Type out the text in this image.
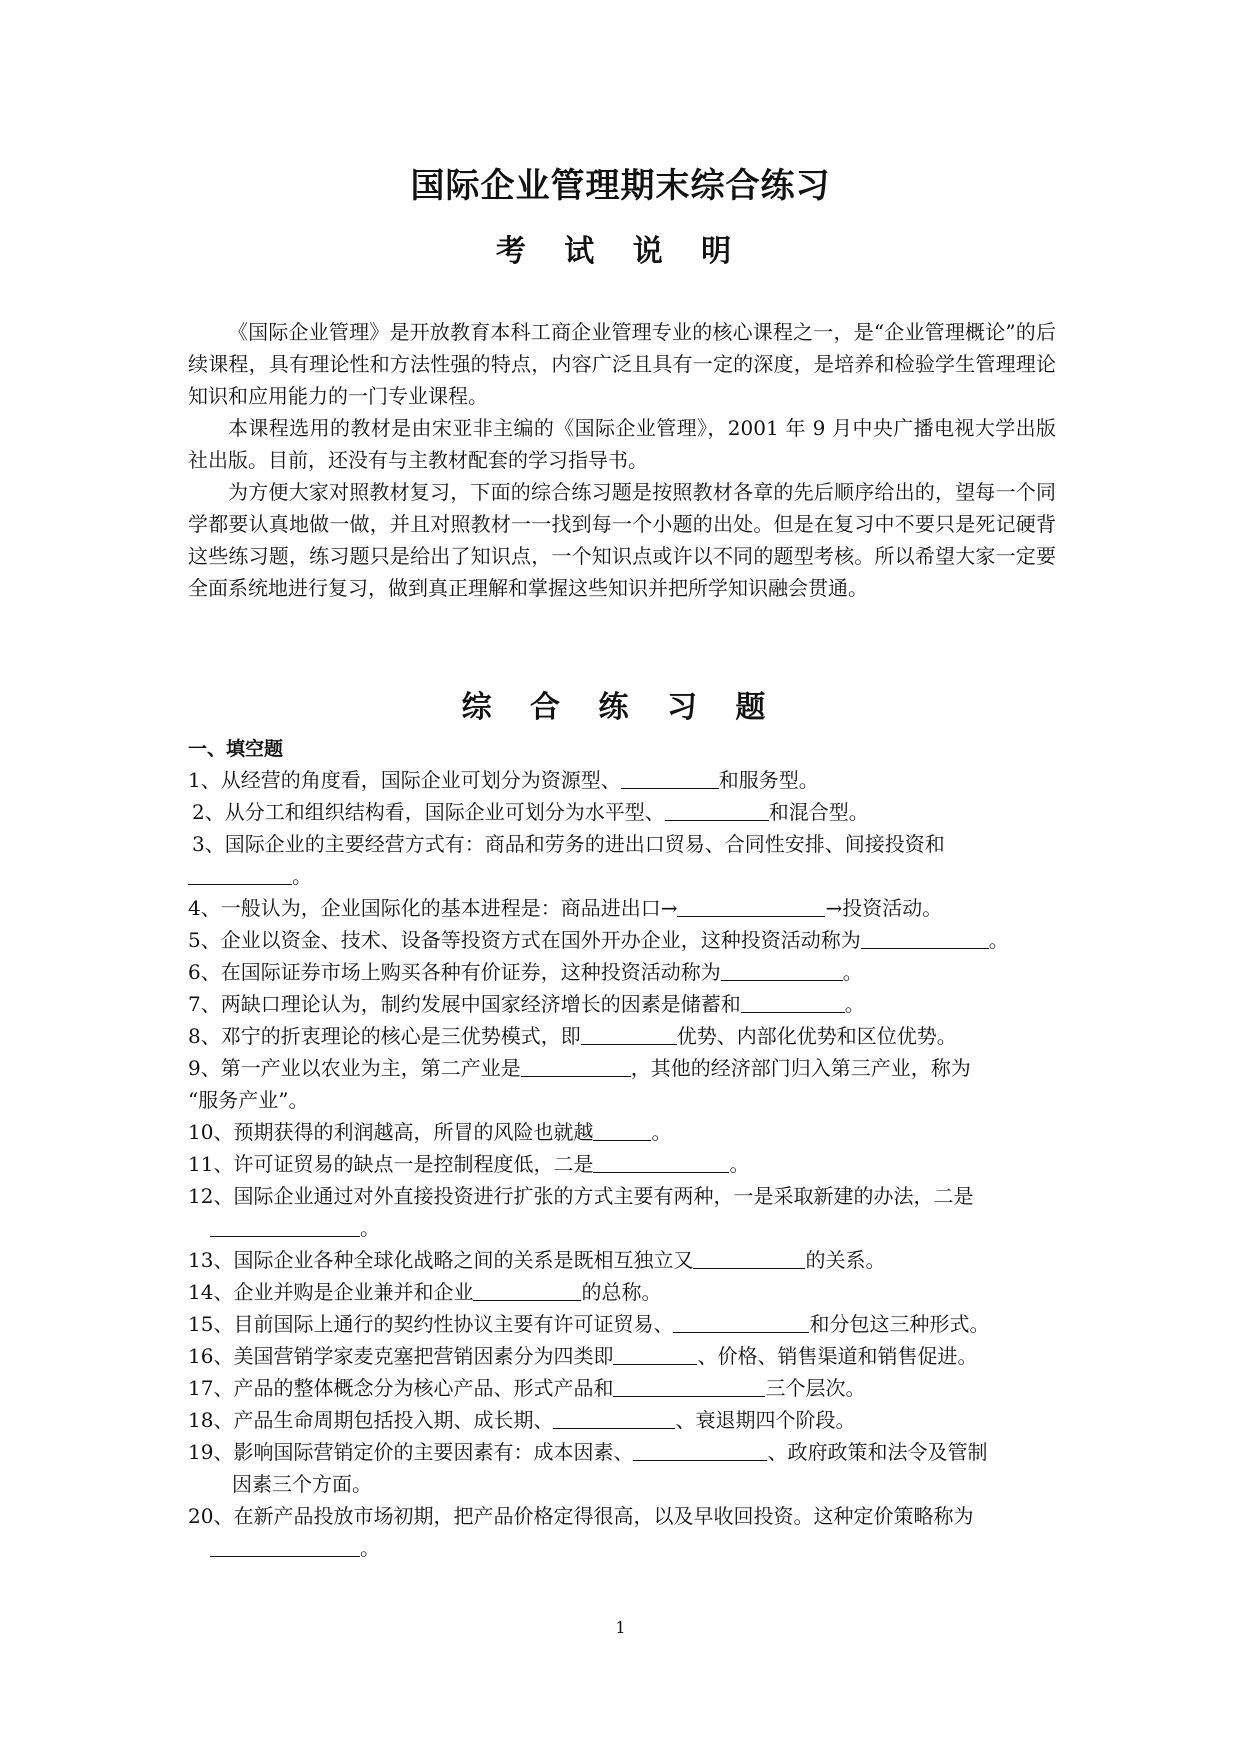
国际企业管理期末综合练习
考 试 说 明

《国际企业管理》是开放教育本科工商企业管理专业的核心课程之一，是“企业管理概论”的后续课程，具有理论性和方法性强的特点，内容广泛且具有一定的深度，是培养和检验学生管理理论知识和应用能力的一门专业课程。

本课程选用的教材是由宋亚非主编的《国际企业管理》，2001 年 9 月中央广播电视大学出版社出版。目前，还没有与主教材配套的学习指导书。

为方便大家对照教材复习，下面的综合练习题是按照教材各章的先后顺序给出的，望每一个同学都要认真地做一做，并且对照教材一一找到每一个小题的出处。但是在复习中不要只是死记硬背这些练习题，练习题只是给出了知识点，一个知识点或许以不同的题型考核。所以希望大家一定要全面系统地进行复习，做到真正理解和掌握这些知识并把所学知识融会贯通。

综 合 练 习 题
一、填空题

1、从经营的角度看，国际企业可划分为资源型、	和服务型。

2、从分工和组织结构看，国际企业可划分为水平型、	和混合型。

3、国际企业的主要经营方式有：商品和劳务的进出口贸易、合同性安排、间接投资和

。

4、一般认为，企业国际化的基本进程是：商品进出口→	→投资活动。

5、企业以资金、技术、设备等投资方式在国外开办企业，这种投资活动称为	。

6、在国际证券市场上购买各种有价证券，这种投资活动称为	。

7、两缺口理论认为，制约发展中国家经济增长的因素是储蓄和	。

8、邓宁的折衷理论的核心是三优势模式，即	优势、内部化优势和区位优势。

9、第一产业以农业为主，第二产业是	，其他的经济部门归入第三产业，称为

“服务产业”。

10、预期获得的利润越高，所冒的风险也就越	。

11、许可证贸易的缺点一是控制程度低，二是	。

12、国际企业通过对外直接投资进行扩张的方式主要有两种，一是采取新建的办法，二是

。

13、国际企业各种全球化战略之间的关系是既相互独立又	的关系。

14、企业并购是企业兼并和企业	的总称。

15、目前国际上通行的契约性协议主要有许可证贸易、	和分包这三种形式。

16、美国营销学家麦克塞把营销因素分为四类即	、价格、销售渠道和销售促进。

17、产品的整体概念分为核心产品、形式产品和	三个层次。

18、产品生命周期包括投入期、成长期、	、衰退期四个阶段。

19、影响国际营销定价的主要因素有：成本因素、	、政府政策和法令及管制

因素三个方面。

20、在新产品投放市场初期，把产品价格定得很高，以及早收回投资。这种定价策略称为

。

1
